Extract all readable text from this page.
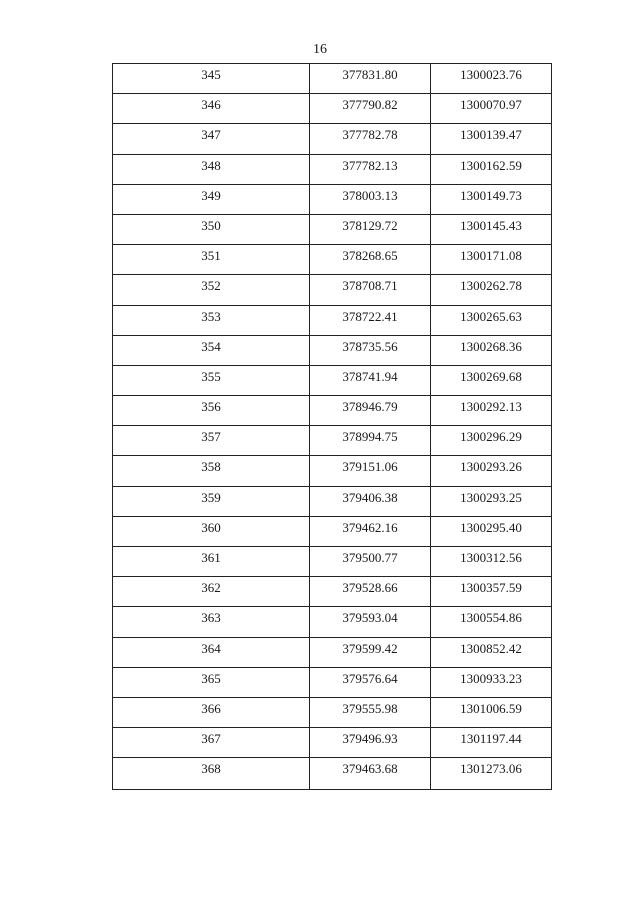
16
345	377831.80	1300023.76
346	377790.82	1300070.97
347	377782.78	1300139.47
348	377782.13	1300162.59
349	378003.13	1300149.73
350	378129.72	1300145.43
351	378268.65	1300171.08
352	378708.71	1300262.78
353	378722.41	1300265.63
354	378735.56	1300268.36
355	378741.94	1300269.68
356	378946.79	1300292.13
357	378994.75	1300296.29
358	379151.06	1300293.26
359	379406.38	1300293.25
360	379462.16	1300295.40
361	379500.77	1300312.56
362	379528.66	1300357.59
363	379593.04	1300554.86
364	379599.42	1300852.42
365	379576.64	1300933.23
366	379555.98	1301006.59
367	379496.93	1301197.44
368	379463.68	1301273.06
